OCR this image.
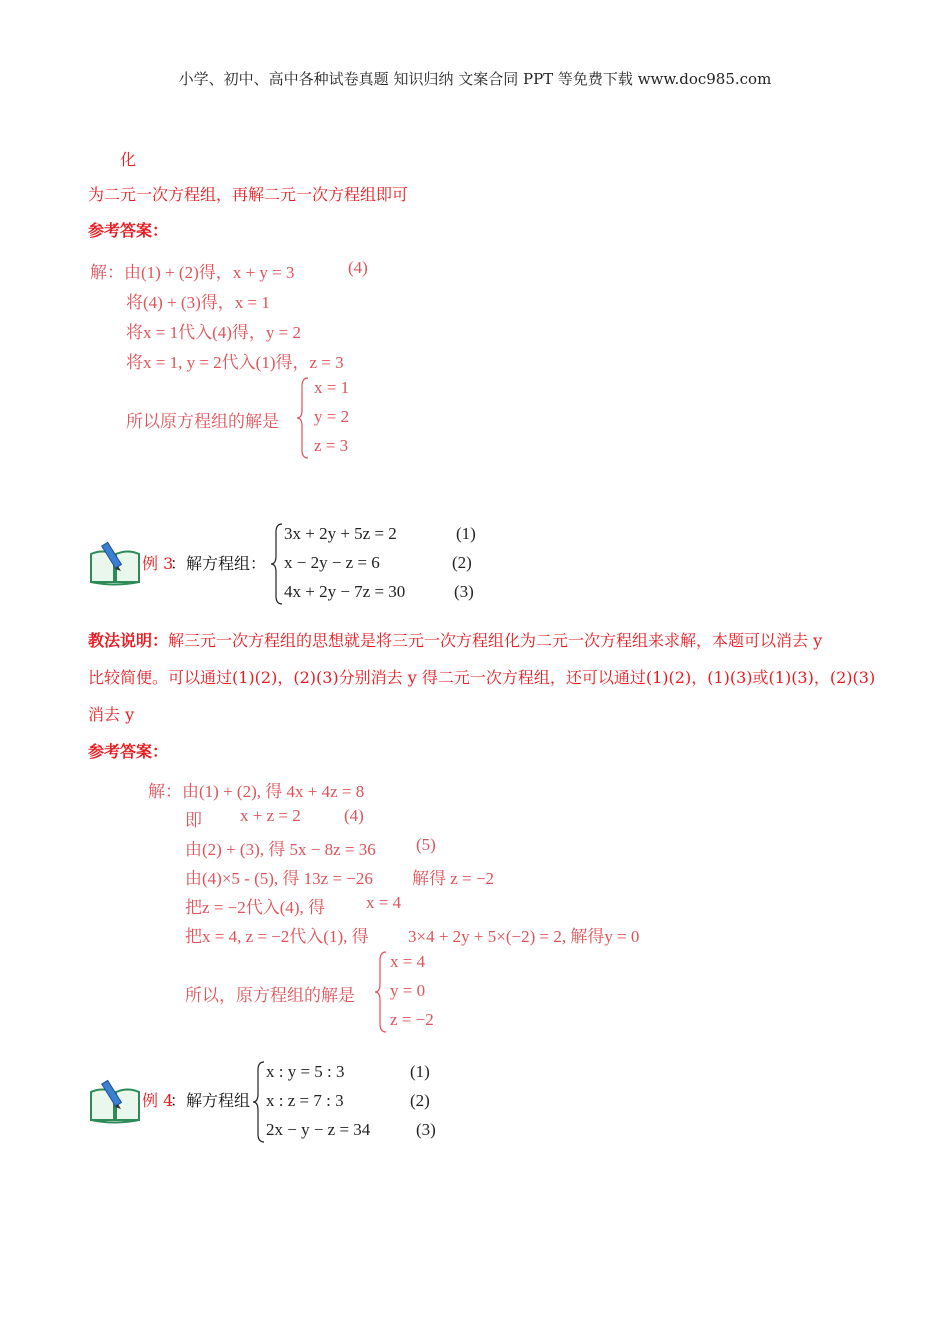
小学、初中、高中各种试卷真题 知识归纳 文案合同 PPT 等免费下载 www.doc985.com
化
为二元一次方程组，再解二元一次方程组即可
参考答案：
解：由(1) + (2)得，x + y = 3	(4)
将(4) + (3)得，x = 1
将x = 1代入(4)得，y = 2
将x = 1, y = 2代入(1)得，z = 3
所以原方程组的解是
x = 1
y = 2
z = 3
例 3
：解方程组：
3x + 2y + 5z = 2
x − 2y − z = 6
4x + 2y − 7z = 30
(1)
(2)
(3)
教法说明：解三元一次方程组的思想就是将三元一次方程组化为二元一次方程组来求解，本题可以消去 y
比较简便。可以通过(1)(2)，(2)(3)分别消去 y 得二元一次方程组，还可以通过(1)(2)，(1)(3)或(1)(3)，(2)(3)
消去 y
参考答案：
解：由(1) + (2), 得 4x + 4z = 8
即 x + z = 2	(4)
由(2) + (3), 得 5x − 8z = 36 (5)
由(4)×5 - (5), 得 13z = −26 解得 z = −2
把z = −2代入(4), 得 x = 4
把x = 4, z = −2代入(1), 得 3×4 + 2y + 5×(−2) = 2, 解得y = 0
所以，原方程组的解是
x = 4
y = 0
z = −2
例 4
：解方程组
x : y = 5 : 3
x : z = 7 : 3
2x − y − z = 34
(1)
(2)
(3)
